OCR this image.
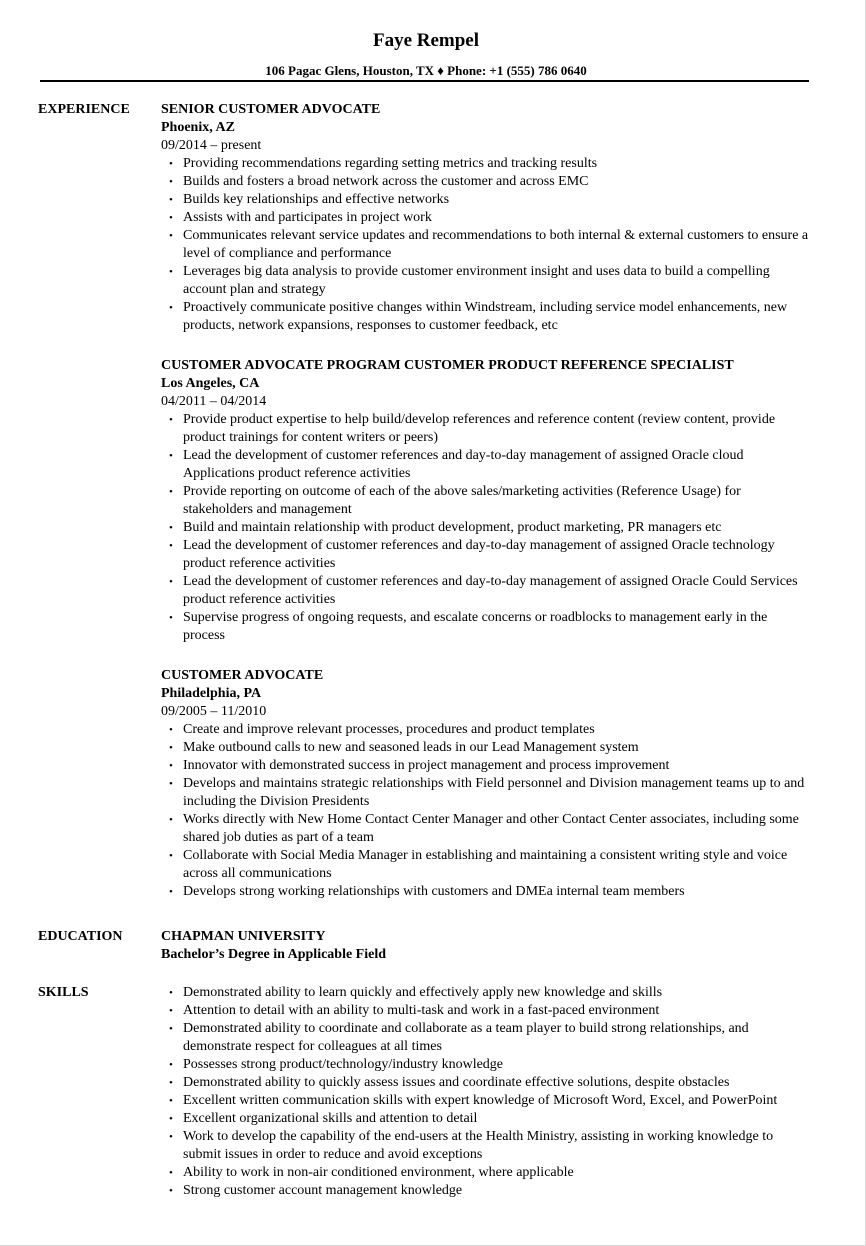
Faye Rempel
106 Pagac Glens, Houston, TX ♦ Phone: +1 (555) 786 0640
EXPERIENCE SENIOR CUSTOMER ADVOCATE
Phoenix, AZ
09/2014 – present
• Providing recommendations regarding setting metrics and tracking results
• Builds and fosters a broad network across the customer and across EMC
• Builds key relationships and effective networks
• Assists with and participates in project work
• Communicates relevant service updates and recommendations to both internal & external customers to ensure a level of compliance and performance
• Leverages big data analysis to provide customer environment insight and uses data to build a compelling account plan and strategy
• Proactively communicate positive changes within Windstream, including service model enhancements, new products, network expansions, responses to customer feedback, etc
CUSTOMER ADVOCATE PROGRAM CUSTOMER PRODUCT REFERENCE SPECIALIST
Los Angeles, CA
04/2011 – 04/2014
• Provide product expertise to help build/develop references and reference content (review content, provide product trainings for content writers or peers)
• Lead the development of customer references and day-to-day management of assigned Oracle cloud Applications product reference activities
• Provide reporting on outcome of each of the above sales/marketing activities (Reference Usage) for stakeholders and management
• Build and maintain relationship with product development, product marketing, PR managers etc
• Lead the development of customer references and day-to-day management of assigned Oracle technology product reference activities
• Lead the development of customer references and day-to-day management of assigned Oracle Could Services product reference activities
• Supervise progress of ongoing requests, and escalate concerns or roadblocks to management early in the process
CUSTOMER ADVOCATE
Philadelphia, PA
09/2005 – 11/2010
• Create and improve relevant processes, procedures and product templates
• Make outbound calls to new and seasoned leads in our Lead Management system
• Innovator with demonstrated success in project management and process improvement
• Develops and maintains strategic relationships with Field personnel and Division management teams up to and including the Division Presidents
• Works directly with New Home Contact Center Manager and other Contact Center associates, including some shared job duties as part of a team
• Collaborate with Social Media Manager in establishing and maintaining a consistent writing style and voice across all communications
• Develops strong working relationships with customers and DMEa internal team members
EDUCATION	CHAPMAN UNIVERSITY
Bachelor’s Degree in Applicable Field
SKILLS
•	Demonstrated ability to learn quickly and effectively apply new knowledge and skills
• Attention to detail with an ability to multi-task and work in a fast-paced environment
• Demonstrated ability to coordinate and collaborate as a team player to build strong relationships, and demonstrate respect for colleagues at all times
• Possesses strong product/technology/industry knowledge
• Demonstrated ability to quickly assess issues and coordinate effective solutions, despite obstacles
• Excellent written communication skills with expert knowledge of Microsoft Word, Excel, and PowerPoint
• Excellent organizational skills and attention to detail
• Work to develop the capability of the end-users at the Health Ministry, assisting in working knowledge to submit issues in order to reduce and avoid exceptions
• Ability to work in non-air conditioned environment, where applicable
• Strong customer account management knowledge
